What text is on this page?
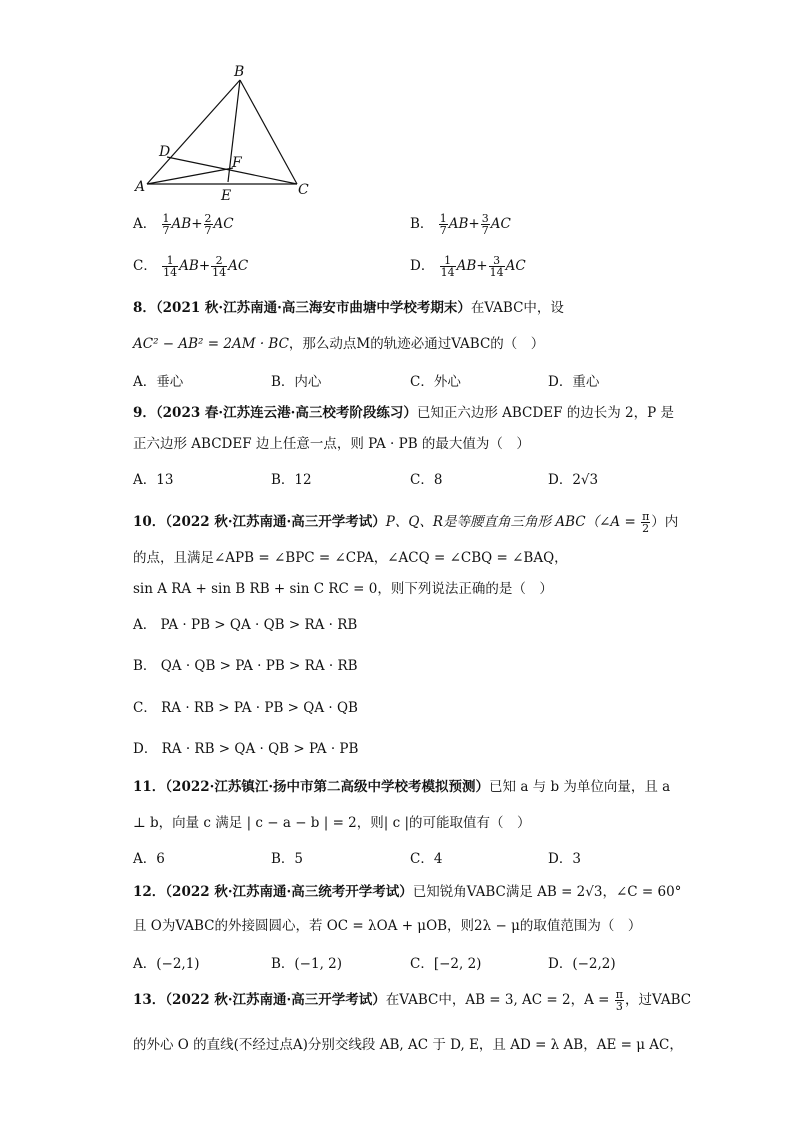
B
D
F
A
E	C
A． $\frac{1}{7} AB+ \frac{2}{7}$ AC	B． $\frac{1}{7} AB+ \frac{3}{7}$ AC
C． $\frac{1}{14} AB+ \frac{2}{14}$ AC	D． $\frac{1}{14} AB+ \frac{3}{14}$ AC
8．（2021 秋·江苏南通·高三海安市曲塘中学校考期末）在VABC中，设
AC² − AB² = 2AM · BC，那么动点M的轨迹必通过VABC的（　）
A．垂心	B．内心	C．外心	D．重心
9．（2023 春·江苏连云港·高三校考阶段练习）已知正六边形 ABCDEF 的边长为 2，P 是
正六边形 ABCDEF 边上任意一点，则 PA · PB 的最大值为（　）
A．13	B．12	C．8	D．2√3
10．（2022 秋·江苏南通·高三开学考试）P、Q、R是等腰直角三角形 ABC（∠A = $\frac{\pi}{2}$ ）内
的点，且满足∠APB = ∠BPC = ∠CPA，∠ACQ = ∠CBQ = ∠BAQ，
sin A RA + sin B RB + sin C RC = 0，则下列说法正确的是（　）
A． PA · PB > QA · QB > RA · RB
B． QA · QB > PA · PB > RA · RB
C． RA · RB > PA · PB > QA · QB
D． RA · RB > QA · QB > PA · PB
11．（2022·江苏镇江·扬中市第二高级中学校考模拟预测）已知 a 与 b 为单位向量，且 a
⊥ b，向量 c 满足 | c − a − b | = 2，则| c |的可能取值有（　）
A．6	B．5	C．4	D．3
12．（2022 秋·江苏南通·高三统考开学考试）已知锐角VABC满足 AB = 2√3，∠C = 60°
且 O为VABC的外接圆圆心，若 OC = λOA + μOB，则2λ − μ的取值范围为（　）
A．(−2,1)	B．(−1, 2)	C．[−2, 2)	D．(−2,2)
13．（2022 秋·江苏南通·高三开学考试）在VABC中，AB = 3, AC = 2，$A = \frac{\pi}{3}$ ，过VABC
的外心 O 的直线(不经过点A)分别交线段 AB, AC 于 D, E，且 AD = λ AB，AE = μ AC，
